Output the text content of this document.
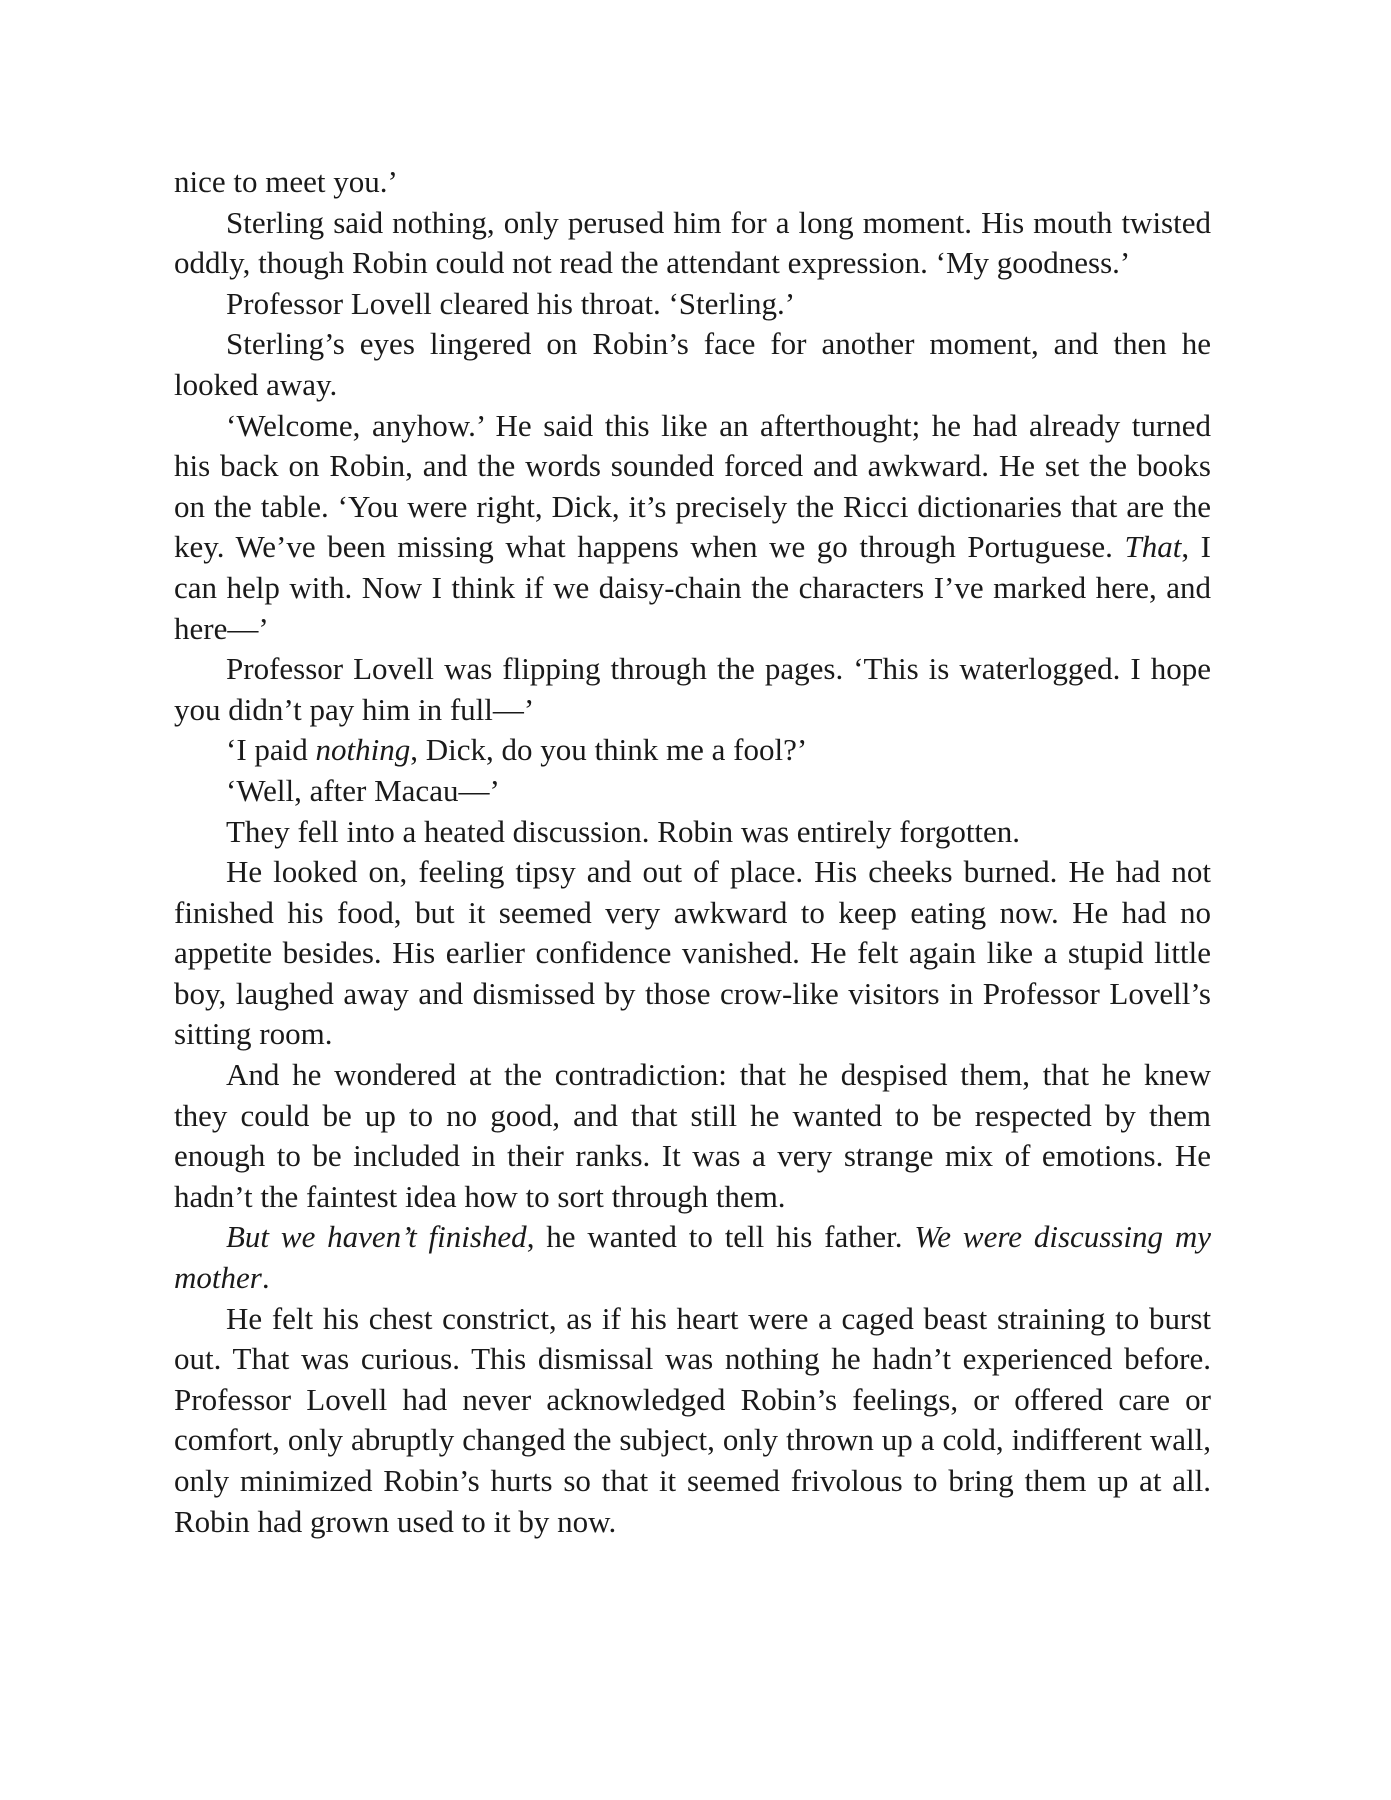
nice to meet you.’

Sterling said nothing, only perused him for a long moment. His mouth twisted oddly, though Robin could not read the attendant expression. ‘My goodness.’

Professor Lovell cleared his throat. ‘Sterling.’

Sterling’s eyes lingered on Robin’s face for another moment, and then he looked away.

‘Welcome, anyhow.’ He said this like an afterthought; he had already turned his back on Robin, and the words sounded forced and awkward. He set the books on the table. ‘You were right, Dick, it’s precisely the Ricci dictionaries that are the key. We’ve been missing what happens when we go through Portuguese. That, I can help with. Now I think if we daisy-chain the characters I’ve marked here, and here—’

Professor Lovell was flipping through the pages. ‘This is waterlogged. I hope you didn’t pay him in full—’

‘I paid nothing, Dick, do you think me a fool?’

‘Well, after Macau—’

They fell into a heated discussion. Robin was entirely forgotten.

He looked on, feeling tipsy and out of place. His cheeks burned. He had not finished his food, but it seemed very awkward to keep eating now. He had no appetite besides. His earlier confidence vanished. He felt again like a stupid little boy, laughed away and dismissed by those crow-like visitors in Professor Lovell’s sitting room.

And he wondered at the contradiction: that he despised them, that he knew they could be up to no good, and that still he wanted to be respected by them enough to be included in their ranks. It was a very strange mix of emotions. He hadn’t the faintest idea how to sort through them.

But we haven’t finished, he wanted to tell his father. We were discussing my mother.

He felt his chest constrict, as if his heart were a caged beast straining to burst out. That was curious. This dismissal was nothing he hadn’t experienced before. Professor Lovell had never acknowledged Robin’s feelings, or offered care or comfort, only abruptly changed the subject, only thrown up a cold, indifferent wall, only minimized Robin’s hurts so that it seemed frivolous to bring them up at all. Robin had grown used to it by now.
